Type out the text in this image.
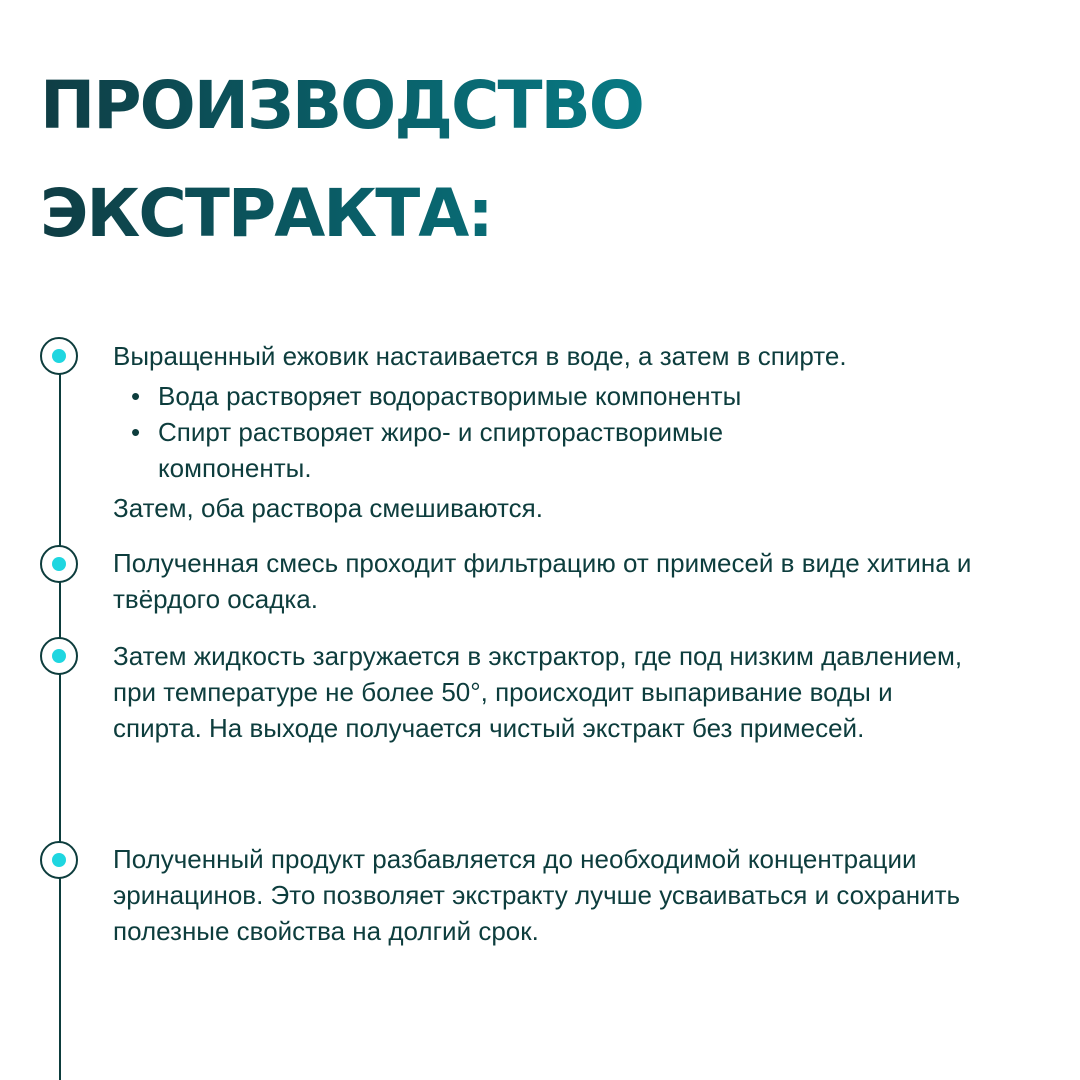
ПРОИЗВОДСТВО
ЭКСТРАКТА:

Выращенный ежовик настаивается в воде, а затем в спирте.

• Вода растворяет водорастворимые компоненты
• Спирт растворяет жиро- и спирторастворимые компоненты.

Затем, оба раствора смешиваются.

Полученная смесь проходит фильтрацию от примесей в виде хитина и твёрдого осадка.

Затем жидкость загружается в экстрактор, где под низким давлением, при температуре не более 50°, происходит выпаривание воды и спирта. На выходе получается чистый экстракт без примесей.

Полученный продукт разбавляется до необходимой концентрации эринацинов. Это позволяет экстракту лучше усваиваться и сохранить полезные свойства на долгий срок.
